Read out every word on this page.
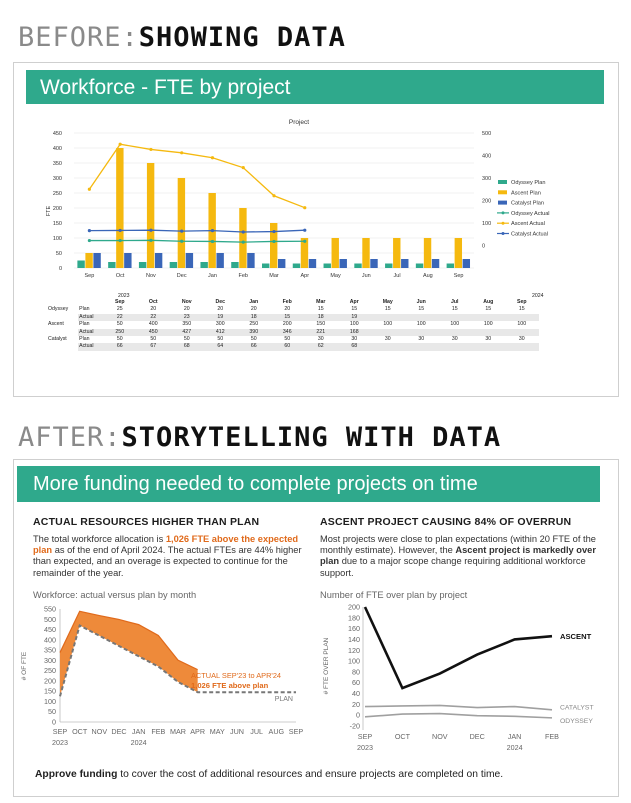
BEFORE:SHOWING DATA
Workforce - FTE by project
Project
FTE
0
50
100
150
200
250
300
350
400
450
0
100
200
300
400
500
Sep	Oct	Nov	Dec	Jan	Feb	Mar	Apr	May	Jun	Jul	Aug	Sep
Odyssey Plan
Ascent Plan
Catalyst Plan
Odyssey Actual
Ascent Actual
Catalyst Actual
2023	2024
		Sep	Oct	Nov	Dec	Jan	Feb	Mar	Apr	May	Jun	Jul	Aug	Sep
Odyssey	Plan	25	20	20	20	20	20	15	15	15	15	15	15	15
	Actual	22	22	23	19	18	15	18	19					
Ascent	Plan	50	400	350	300	250	200	150	100	100	100	100	100	100
	Actual	250	450	427	412	390	346	221	168					
Catalyst	Plan	50	50	50	50	50	50	30	30	30	30	30	30	30
	Actual	66	67	68	64	66	60	62	68					
AFTER:STORYTELLING WITH DATA
More funding needed to complete projects on time
ACTUAL RESOURCES HIGHER THAN PLAN
The total workforce allocation is 1,026 FTE above the expected plan as of the end of April 2024. The actual FTEs are 44% higher than expected, and an overage is expected to continue for the remainder of the year.
Workforce: actual versus plan by month
ASCENT PROJECT CAUSING 84% OF OVERRUN
Most projects were close to plan expectations (within 20 FTE of the monthly estimate). However, the Ascent project is markedly over plan due to a major scope change requiring additional workforce support.
Number of FTE over plan by project
# OF FTE
0
50
100
150
200
250
300
350
400
450
500
550
SEP OCT NOV DEC JAN FEB MAR APR MAY JUN JUL AUG SEP
2023	2024
PLAN
ACTUAL SEP'23 to APR'24
1,026 FTE above plan	# FTE OVER PLAN
-20
0
20
40
60
80
100
120
140
160
180
200
SEP	OCT	NOV	DEC	JAN	FEB
2023	2024
ASCENT
CATALYST
ODYSSEY
Approve funding to cover the cost of additional resources and ensure projects are completed on time.
